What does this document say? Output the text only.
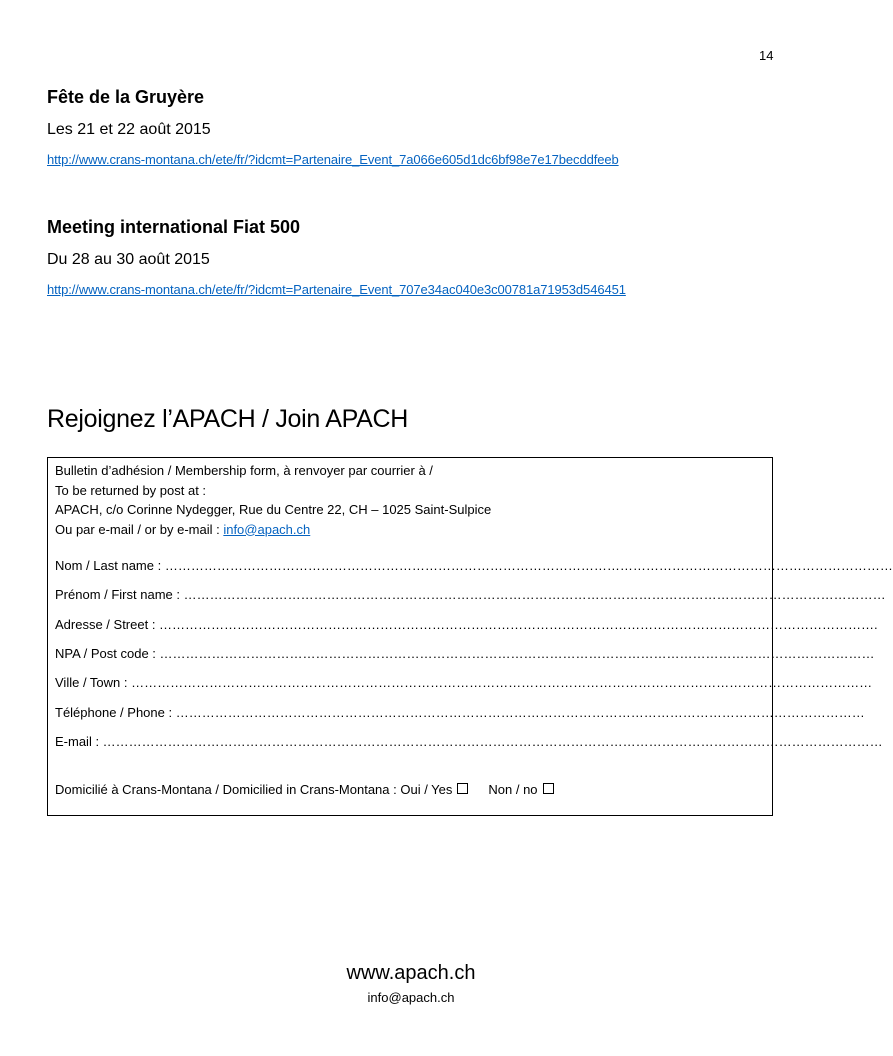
14
Fête de la Gruyère
Les 21 et 22 août 2015
http://www.crans-montana.ch/ete/fr/?idcmt=Partenaire_Event_7a066e605d1dc6bf98e7e17becddfeeb
Meeting international Fiat 500
Du 28 au 30 août 2015
http://www.crans-montana.ch/ete/fr/?idcmt=Partenaire_Event_707e34ac040e3c00781a71953d546451
Rejoignez l’APACH / Join APACH
Bulletin d’adhésion / Membership form, à renvoyer par courrier à /
To be returned by post at :
APACH, c/o Corinne Nydegger, Rue du Centre 22, CH – 1025 Saint-Sulpice
Ou par e-mail / or by e-mail : info@apach.ch
Nom / Last name : ……………………………………………………………………………………………………………………………………………………
Prénom / First name : ………………………………………………………………………………………………………………………………………………
Adresse / Street : ………………………………………………………………………………………………………………………………………………….
NPA / Post code : …………………………………………………………………………………………………………………………………………………
Ville / Town : ………………………………………………………………………………………………………………………………………………………
Téléphone / Phone : ……………………………………………………………………………………………………………………………………………
E-mail : ………………………………………………………………………………………………………………………………………………………………
Domicilié à Crans-Montana / Domicilied in Crans-Montana : Oui / Yes	Non / no
www.apach.ch
info@apach.ch
